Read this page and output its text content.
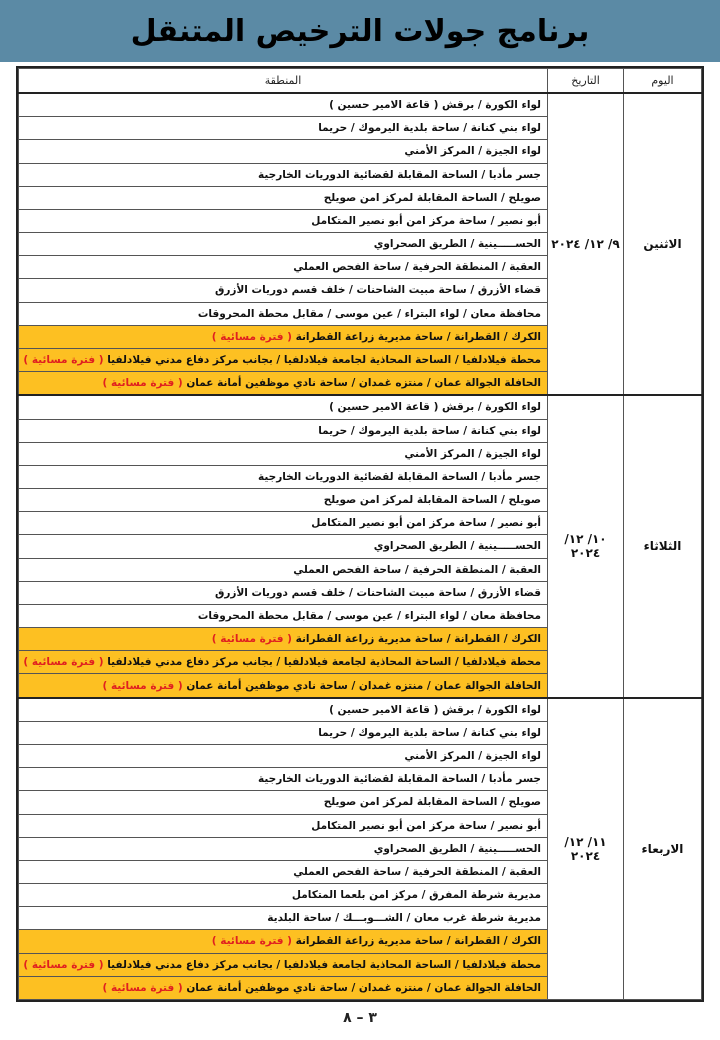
برنامج جولات الترخيص المتنقل
اليوم	التاريخ	المنطقة
الاثنين	٩/ ١٢/ ٢٠٢٤	لواء الكورة / برقش ( قاعة الامير حسين )
		لواء بني كنانة / ساحة بلدية اليرموك / حريما
		لواء الجيزة / المركز الأمني
		جسر مأدبا / الساحة المقابلة لقضائية الدوريات الخارجية
		صويلح / الساحة المقابلة لمركز امن صويلح
		أبو نصير / ساحة مركز امن أبو نصير المتكامل
		الحســـــينية / الطريق الصحراوي
		العقبة / المنطقة الحرفية / ساحة الفحص العملي
		قضاء الأزرق / ساحة مبيت الشاحنات / خلف قسم دوريات الأزرق
		محافظة معان / لواء البتراء / عين موسى / مقابل محطة المحروقات
		الكرك / القطرانة / ساحة مديرية زراعة القطرانة ( فترة مسائية )
		محطة فيلادلفيا / الساحة المحاذية لجامعة فيلادلفيا / بجانب مركز دفاع مدني فيلادلفيا ( فترة مسائية )
		الحافلة الجوالة عمان / منتزه غمدان / ساحة نادي موظفين أمانة عمان ( فترة مسائية )
الثلاثاء	١٠/ ١٢/ ٢٠٢٤	لواء الكورة / برقش ( قاعة الامير حسين )
		لواء بني كنانة / ساحة بلدية اليرموك / حريما
		لواء الجيزة / المركز الأمني
		جسر مأدبا / الساحة المقابلة لقضائية الدوريات الخارجية
		صويلح / الساحة المقابلة لمركز امن صويلح
		أبو نصير / ساحة مركز امن أبو نصير المتكامل
		الحســـــينية / الطريق الصحراوي
		العقبة / المنطقة الحرفية / ساحة الفحص العملي
		قضاء الأزرق / ساحة مبيت الشاحنات / خلف قسم دوريات الأزرق
		محافظة معان / لواء البتراء / عين موسى / مقابل محطة المحروقات
		الكرك / القطرانة / ساحة مديرية زراعة القطرانة ( فترة مسائية )
		محطة فيلادلفيا / الساحة المحاذية لجامعة فيلادلفيا / بجانب مركز دفاع مدني فيلادلفيا ( فترة مسائية )
		الحافلة الجوالة عمان / منتزه غمدان / ساحة نادي موظفين أمانة عمان ( فترة مسائية )
الاربعاء	١١/ ١٢/ ٢٠٢٤	لواء الكورة / برقش ( قاعة الامير حسين )
		لواء بني كنانة / ساحة بلدية اليرموك / حريما
		لواء الجيزة / المركز الأمني
		جسر مأدبا / الساحة المقابلة لقضائية الدوريات الخارجية
		صويلح / الساحة المقابلة لمركز امن صويلح
		أبو نصير / ساحة مركز امن أبو نصير المتكامل
		الحســـــينية / الطريق الصحراوي
		العقبة / المنطقة الحرفية / ساحة الفحص العملي
		مديرية شرطة المفرق / مركز امن بلعما المتكامل
		مديرية شرطة غرب معان / الشـــوبـــك / ساحة البلدية
		الكرك / القطرانة / ساحة مديرية زراعة القطرانة ( فترة مسائية )
		محطة فيلادلفيا / الساحة المحاذية لجامعة فيلادلفيا / بجانب مركز دفاع مدني فيلادلفيا ( فترة مسائية )
		الحافلة الجوالة عمان / منتزه غمدان / ساحة نادي موظفين أمانة عمان ( فترة مسائية )
٣ – ٨
